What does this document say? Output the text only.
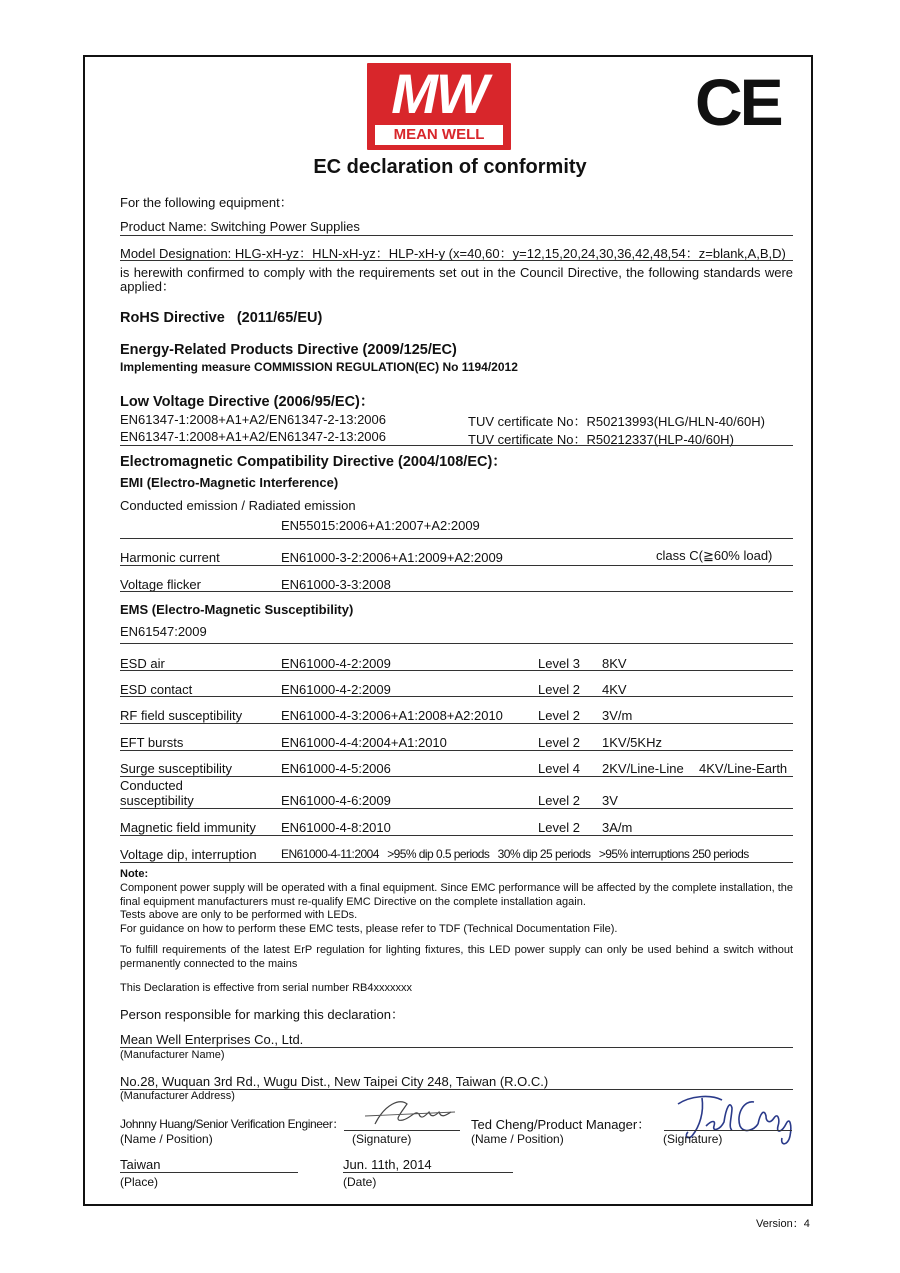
MW
MEAN WELL	CE
EC declaration of conformity
For the following equipment：
Product Name: Switching Power Supplies
Model Designation: HLG-xH-yz：HLN-xH-yz：HLP-xH-y (x=40,60：y=12,15,20,24,30,36,42,48,54：z=blank,A,B,D)
is herewith confirmed to comply with the requirements set out in the Council Directive, the following standards were applied：
RoHS Directive   (2011/65/EU)
Energy-Related Products Directive (2009/125/EC)
Implementing measure COMMISSION REGULATION(EC) No 1194/2012
Low Voltage Directive (2006/95/EC)：
EN61347-1:2008+A1+A2/EN61347-2-13:2006	TUV certificate No：R50213993(HLG/HLN-40/60H)
EN61347-1:2008+A1+A2/EN61347-2-13:2006	TUV certificate No：R50212337(HLP-40/60H)
Electromagnetic Compatibility Directive (2004/108/EC)：
EMI (Electro-Magnetic Interference)
Conducted emission / Radiated emission
EN55015:2006+A1:2007+A2:2009
Harmonic current	EN61000-3-2:2006+A1:2009+A2:2009	class C(≧60% load)
Voltage flicker	EN61000-3-3:2008
EMS (Electro-Magnetic Susceptibility)
EN61547:2009
ESD air	EN61000-4-2:2009	Level 3 8KV
ESD contact	EN61000-4-2:2009	Level 2 4KV
RF field susceptibility	EN61000-4-3:2006+A1:2008+A2:2010	Level 2 3V/m
EFT bursts	EN61000-4-4:2004+A1:2010	Level 2 1KV/5KHz
Surge susceptibility	EN61000-4-5:2006	Level 4 2KV/Line-Line 4KV/Line-Earth
Conducted
susceptibility	EN61000-4-6:2009	Level 2 3V
Magnetic field immunity EN61000-4-8:2010	Level 2 3A/m
Voltage dip, interruption EN61000-4-11:2004   >95% dip 0.5 periods   30% dip 25 periods   >95% interruptions 250 periods
Note:
Component power supply will be operated with a final equipment. Since EMC performance will be affected by the complete installation, the final equipment manufacturers must re-qualify EMC Directive on the complete installation again.
Tests above are only to be performed with LEDs.
For guidance on how to perform these EMC tests, please refer to TDF (Technical Documentation File).
To fulfill requirements of the latest ErP regulation for lighting fixtures, this LED power supply can only be used behind a switch without permanently connected to the mains
This Declaration is effective from serial number RB4xxxxxxx
Person responsible for marking this declaration：
Mean Well Enterprises Co., Ltd.
(Manufacturer Name)
No.28, Wuquan 3rd Rd., Wugu Dist., New Taipei City 248, Taiwan (R.O.C.)
(Manufacturer Address)
Johnny Huang/Senior Verification Engineer：
(Name / Position)	(Signature)
Ted Cheng/Product Manager：
(Name / Position)	(Signature)
Taiwan
(Place)
Jun. 11th, 2014
(Date)
Version：4
